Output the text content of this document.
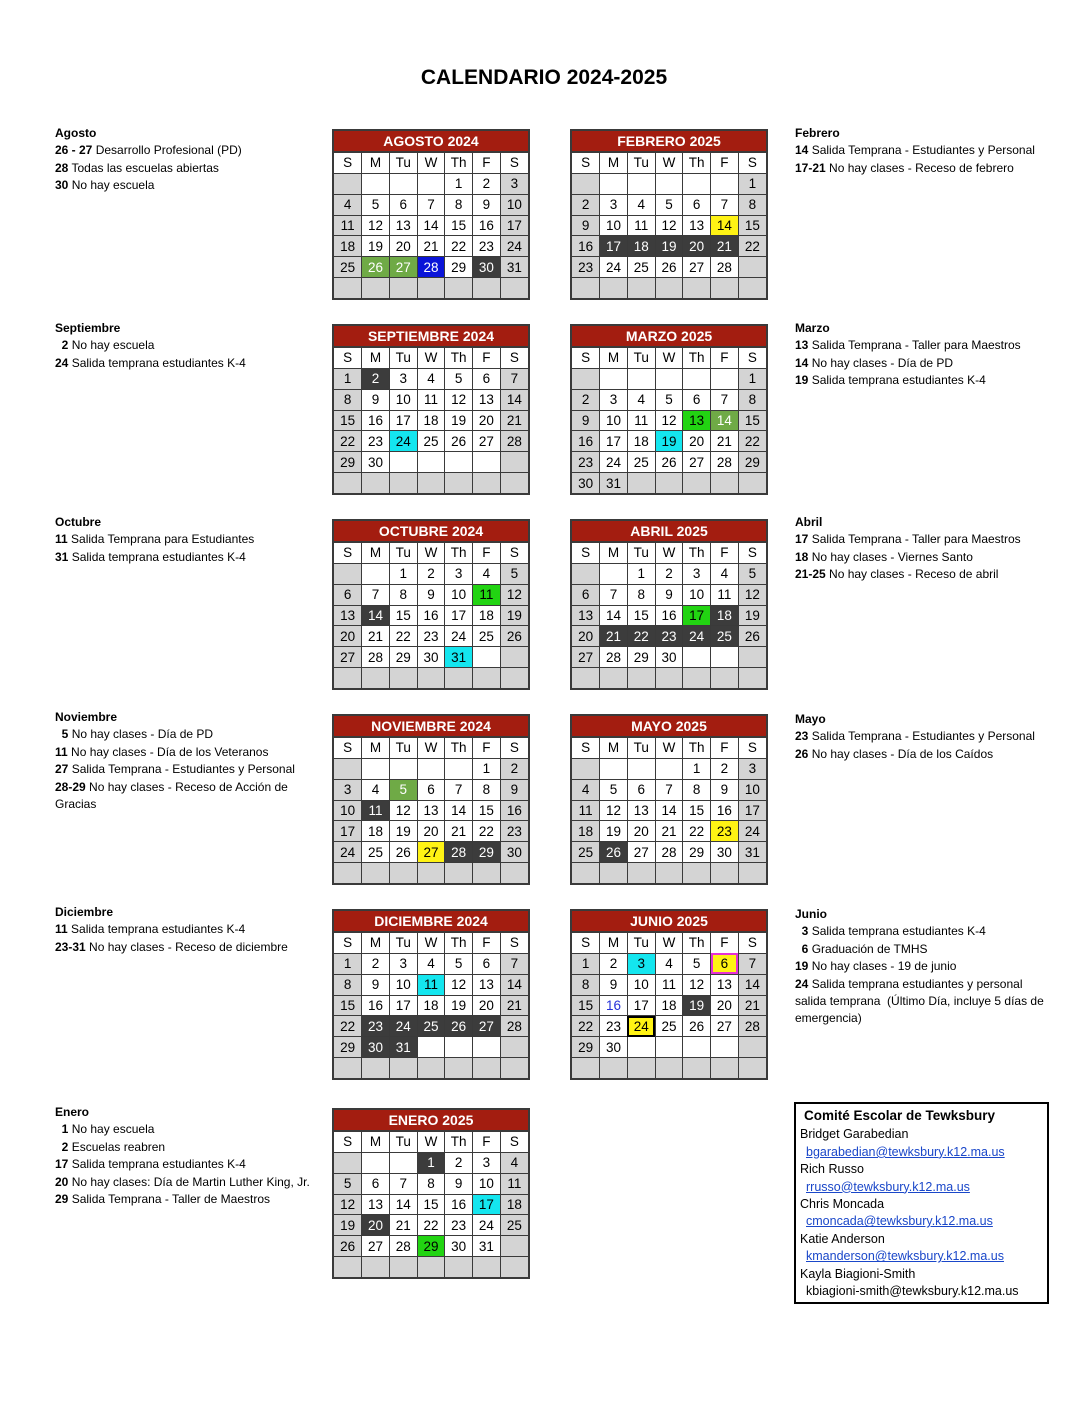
CALENDARIO 2024-2025
Agosto
26 - 27 Desarrollo Profesional (PD)
28 Todas las escuelas abiertas
30 No hay escuela
Febrero
14 Salida Temprana - Estudiantes y Personal
17-21 No hay clases - Receso de febrero
Septiembre
2 No hay escuela
24 Salida temprana estudiantes K-4
Marzo
13 Salida Temprana - Taller para Maestros
14 No hay clases - Día de PD
19 Salida temprana estudiantes K-4
Octubre
11 Salida Temprana para Estudiantes
31 Salida temprana estudiantes K-4
Abril
17 Salida Temprana - Taller para Maestros
18 No hay clases - Viernes Santo
21-25 No hay clases - Receso de abril
Noviembre
5 No hay clases - Día de PD
11 No hay clases - Día de los Veteranos
27 Salida Temprana - Estudiantes y Personal
28-29 No hay clases - Receso de Acción de Gracias
Mayo
23 Salida Temprana - Estudiantes y Personal
26 No hay clases - Día de los Caídos
Diciembre
11 Salida temprana estudiantes K-4
23-31 No hay clases - Receso de diciembre
Junio
3 Salida temprana estudiantes K-4
6 Graduación de TMHS
19 No hay clases - 19 de junio
24 Salida temprana estudiantes y personal salida temprana  (Último Día, incluye 5 días de emergencia)
Enero
1 No hay escuela
2 Escuelas reabren
17 Salida temprana estudiantes K-4
20 No hay clases: Día de Martin Luther King, Jr.
29 Salida Temprana - Taller de Maestros
AGOSTO 2024
S	M	Tu	W	Th	F	S
				1	2	3
4	5	6	7	8	9	10
11	12	13	14	15	16	17
18	19	20	21	22	23	24
25	26	27	28	29	30	31

FEBRERO 2025
S	M	Tu	W	Th	F	S
						1
2	3	4	5	6	7	8
9	10	11	12	13	14	15
16	17	18	19	20	21	22
23	24	25	26	27	28	

SEPTIEMBRE 2024
S	M	Tu	W	Th	F	S
1	2	3	4	5	6	7
8	9	10	11	12	13	14
15	16	17	18	19	20	21
22	23	24	25	26	27	28
29	30					

MARZO 2025
S	M	Tu	W	Th	F	S
						1
2	3	4	5	6	7	8
9	10	11	12	13	14	15
16	17	18	19	20	21	22
23	24	25	26	27	28	29
30	31					
OCTUBRE 2024
S	M	Tu	W	Th	F	S
		1	2	3	4	5
6	7	8	9	10	11	12
13	14	15	16	17	18	19
20	21	22	23	24	25	26
27	28	29	30	31		

ABRIL 2025
S	M	Tu	W	Th	F	S
		1	2	3	4	5
6	7	8	9	10	11	12
13	14	15	16	17	18	19
20	21	22	23	24	25	26
27	28	29	30			

NOVIEMBRE 2024
S	M	Tu	W	Th	F	S
					1	2
3	4	5	6	7	8	9
10	11	12	13	14	15	16
17	18	19	20	21	22	23
24	25	26	27	28	29	30

MAYO 2025
S	M	Tu	W	Th	F	S
				1	2	3
4	5	6	7	8	9	10
11	12	13	14	15	16	17
18	19	20	21	22	23	24
25	26	27	28	29	30	31

DICIEMBRE 2024
S	M	Tu	W	Th	F	S
1	2	3	4	5	6	7
8	9	10	11	12	13	14
15	16	17	18	19	20	21
22	23	24	25	26	27	28
29	30	31				

JUNIO 2025
S	M	Tu	W	Th	F	S
1	2	3	4	5	6	7
8	9	10	11	12	13	14
15	16	17	18	19	20	21
22	23	24	25	26	27	28
29	30					

ENERO 2025
S	M	Tu	W	Th	F	S
			1	2	3	4
5	6	7	8	9	10	11
12	13	14	15	16	17	18
19	20	21	22	23	24	25
26	27	28	29	30	31	

Comité Escolar de Tewksbury
Bridget Garabedian
bgarabedian@tewksbury.k12.ma.us
Rich Russo
rrusso@tewksbury.k12.ma.us
Chris Moncada
cmoncada@tewksbury.k12.ma.us
Katie Anderson
kmanderson@tewksbury.k12.ma.us
Kayla Biagioni-Smith
kbiagioni-smith@tewksbury.k12.ma.us
